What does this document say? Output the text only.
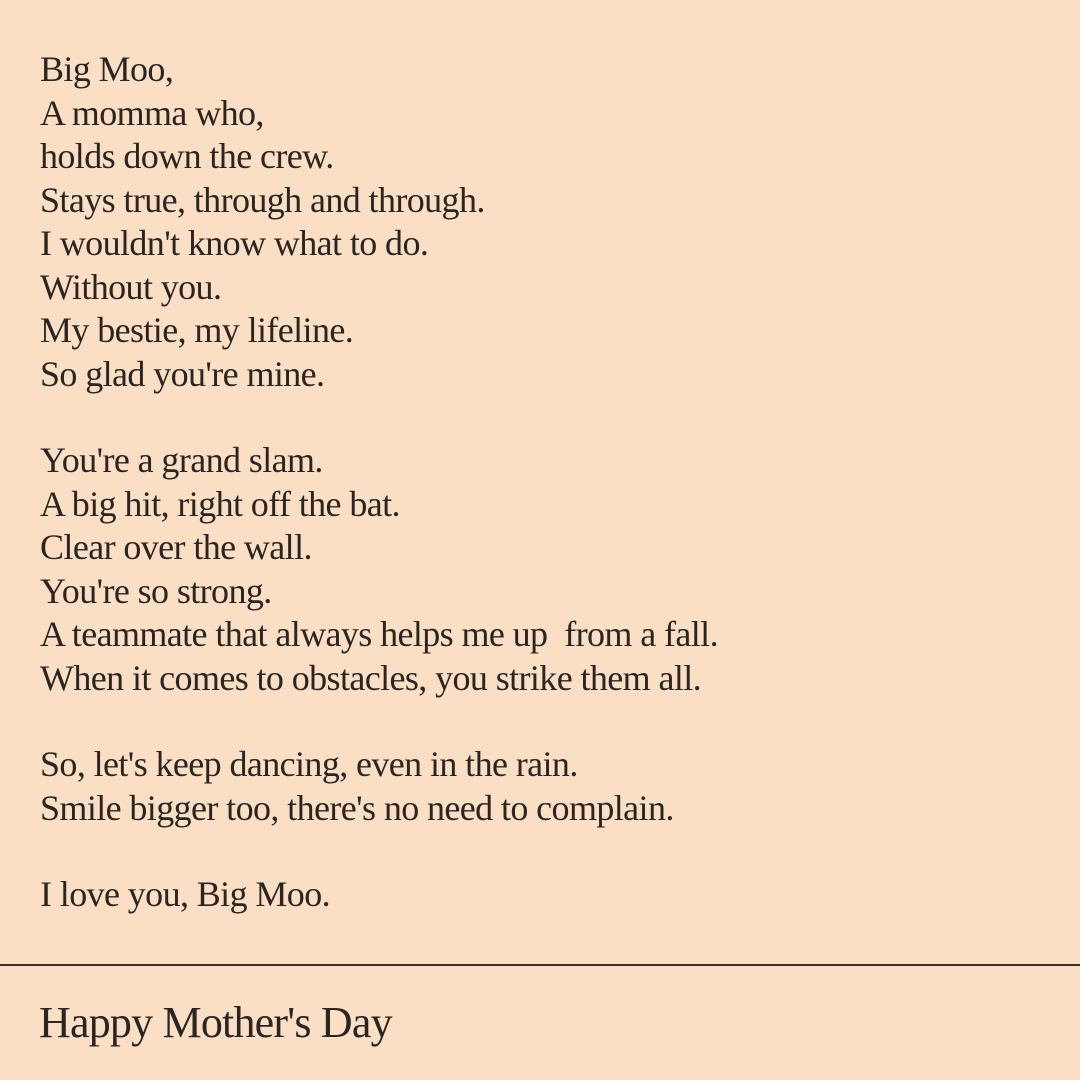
Big Moo,
A momma who,
holds down the crew.
Stays true, through and through.
I wouldn't know what to do.
Without you.
My bestie, my lifeline.
So glad you're mine.
You're a grand slam.
A big hit, right off the bat.
Clear over the wall.
You're so strong.
A teammate that always helps me up  from a fall.
When it comes to obstacles, you strike them all.
So, let's keep dancing, even in the rain.
Smile bigger too, there's no need to complain.
I love you, Big Moo.
Happy Mother's Day
